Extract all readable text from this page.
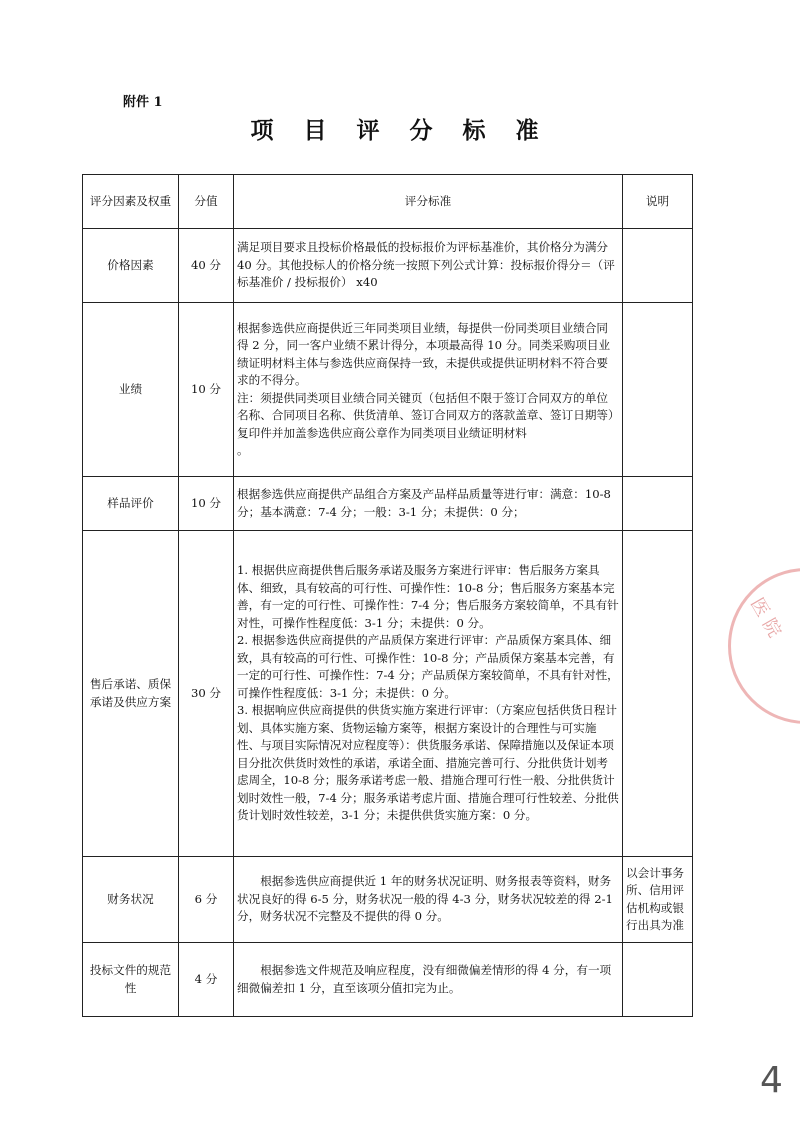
附件 1
项 目 评 分 标 准
评分因素及权重	分值	评分标准	说明
价格因素	40 分	满足项目要求且投标价格最低的投标报价为评标基准价，其价格分为满分 40 分。其他投标人的价格分统一按照下列公式计算：投标报价得分＝（评标基准价 / 投标报价） x40	

业绩	10 分	根据参选供应商提供近三年同类项目业绩，每提供一份同类项目业绩合同得 2 分，同一客户业绩不累计得分，本项最高得 10 分。同类采购项目业绩证明材料主体与参选供应商保持一致，未提供或提供证明材料不符合要求的不得分。

注：须提供同类项目业绩合同关键页（包括但不限于签订合同双方的单位名称、合同项目名称、供货清单、签订合同双方的落款盖章、签订日期等）复印件并加盖参选供应商公章作为同类项目业绩证明材料

。	

样品评价	10 分	根据参选供应商提供产品组合方案及产品样品质量等进行审：满意：10-8 分；基本满意：7-4 分；一般：3-1 分；未提供：0 分；	

售后承诺、质保承诺及供应方案	30 分	1. 根据供应商提供售后服务承诺及服务方案进行评审：售后服务方案具体、细致，具有较高的可行性、可操作性：10-8 分；售后服务方案基本完善，有一定的可行性、可操作性：7-4 分；售后服务方案较简单，不具有针对性，可操作性程度低：3-1 分；未提供：0 分。

2. 根据参选供应商提供的产品质保方案进行评审：产品质保方案具体、细致，具有较高的可行性、可操作性：10-8 分；产品质保方案基本完善，有一定的可行性、可操作性：7-4 分；产品质保方案较简单，不具有针对性，可操作性程度低：3-1 分；未提供：0 分。

3. 根据响应供应商提供的供货实施方案进行评审：（方案应包括供货日程计划、具体实施方案、货物运输方案等，根据方案设计的合理性与可实施性、与项目实际情况对应程度等）：供货服务承诺、保障措施以及保证本项目分批次供货时效性的承诺，承诺全面、措施完善可行、分批供货计划考虑周全，10-8 分；服务承诺考虑一般、措施合理可行性一般、分批供货计划时效性一般，7-4 分；服务承诺考虑片面、措施合理可行性较差、分批供货计划时效性较差，3-1 分；未提供供货实施方案：0 分。	

财务状况	6 分	根据参选供应商提供近 1 年的财务状况证明、财务报表等资料，财务状况良好的得 6-5 分，财务状况一般的得 4-3 分，财务状况较差的得 2-1 分，财务状况不完整及不提供的得 0 分。	以会计事务所、信用评估机构或银行出具为准
投标文件的规范性	4 分	根据参选文件规范及响应程度，没有细微偏差情形的得 4 分，有一项细微偏差扣 1 分，直至该项分值扣完为止。	

医 院
4
